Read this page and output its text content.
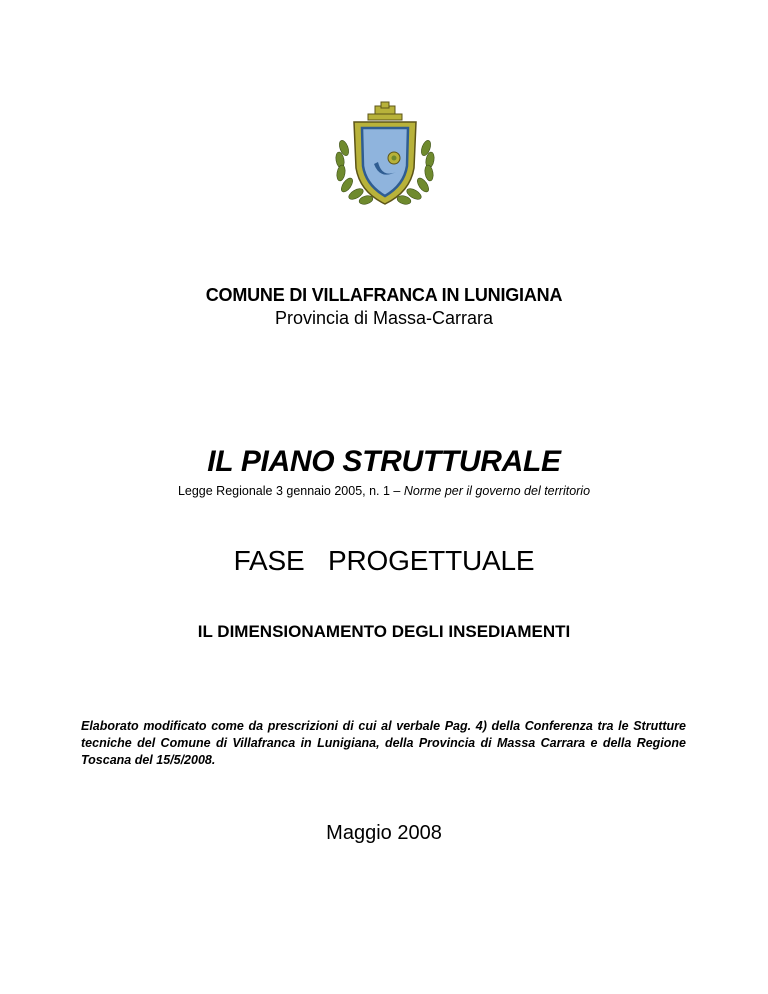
COMUNE DI VILLAFRANCA IN LUNIGIANA
Provincia di Massa-Carrara
IL PIANO STRUTTURALE
Legge Regionale 3 gennaio 2005, n. 1 – Norme per il governo del territorio
FASE PROGETTUALE
IL DIMENSIONAMENTO DEGLI INSEDIAMENTI
Elaborato modificato come da prescrizioni di cui al verbale Pag. 4) della Conferenza tra le Strutture tecniche del Comune di Villafranca in Lunigiana, della Provincia di Massa Carrara e della Regione Toscana del 15/5/2008.
Maggio 2008
